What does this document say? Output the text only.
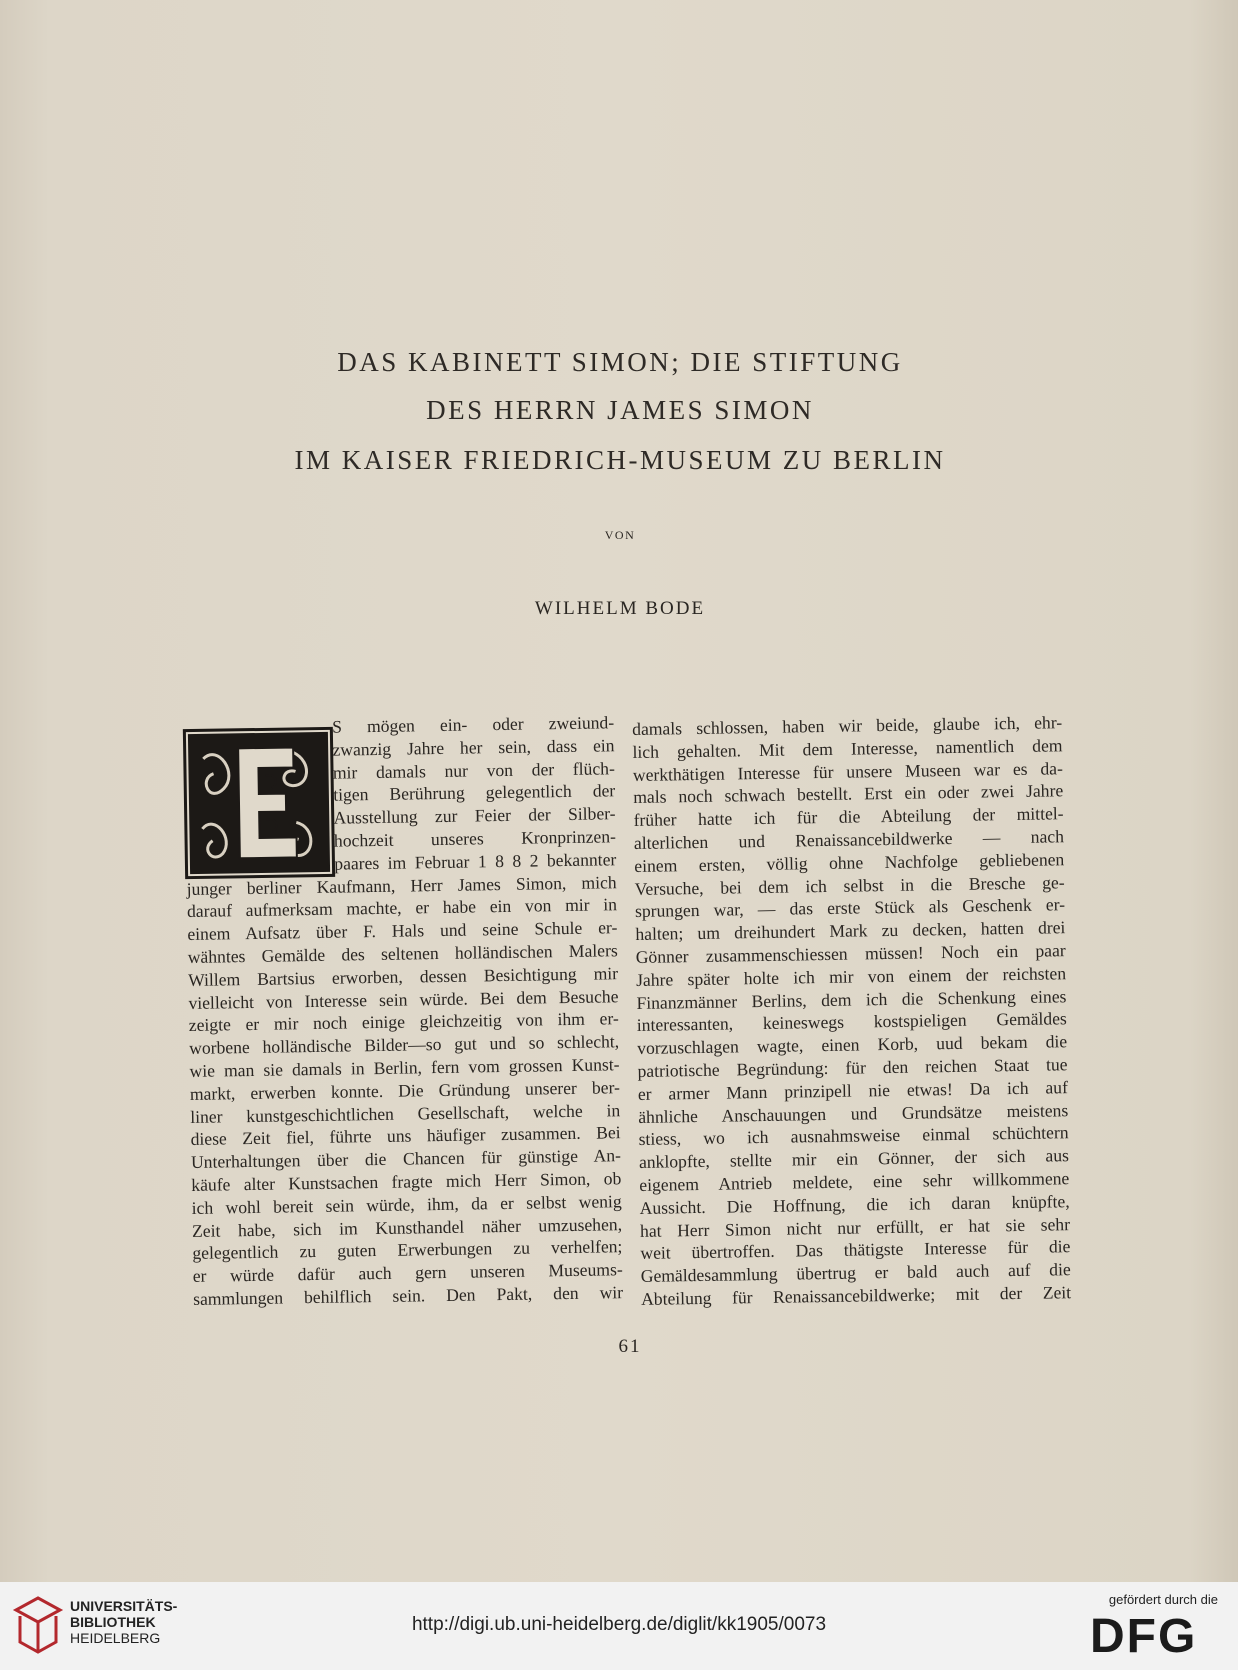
DAS KABINETT SIMON; DIE STIFTUNG
DES HERRN JAMES SIMON
IM KAISER FRIEDRICH-MUSEUM ZU BERLIN
VON
WILHELM BODE
S mögen ein- oder zweiund-
zwanzig Jahre her sein, dass ein
mir damals nur von der flüch-
tigen Berührung gelegentlich der
Ausstellung zur Feier der Silber-
hochzeit unseres Kronprinzen-
paares im Februar 1 8 8 2 bekannter
junger berliner Kaufmann, Herr James Simon, mich
darauf aufmerksam machte, er habe ein von mir in
einem Aufsatz über F. Hals und seine Schule er-
wähntes Gemälde des seltenen holländischen Malers
Willem Bartsius erworben, dessen Besichtigung mir
vielleicht von Interesse sein würde. Bei dem Besuche
zeigte er mir noch einige gleichzeitig von ihm er-
worbene holländische Bilder—so gut und so schlecht,
wie man sie damals in Berlin, fern vom grossen Kunst-
markt, erwerben konnte. Die Gründung unserer ber-
liner kunstgeschichtlichen Gesellschaft, welche in
diese Zeit fiel, führte uns häufiger zusammen. Bei
Unterhaltungen über die Chancen für günstige An-
käufe alter Kunstsachen fragte mich Herr Simon, ob
ich wohl bereit sein würde, ihm, da er selbst wenig
Zeit habe, sich im Kunsthandel näher umzusehen,
gelegentlich zu guten Erwerbungen zu verhelfen;
er würde dafür auch gern unseren Museums-
sammlungen behilflich sein. Den Pakt, den wir
damals schlossen, haben wir beide, glaube ich, ehr-
lich gehalten. Mit dem Interesse, namentlich dem
werkthätigen Interesse für unsere Museen war es da-
mals noch schwach bestellt. Erst ein oder zwei Jahre
früher hatte ich für die Abteilung der mittel-
alterlichen und Renaissancebildwerke — nach
einem ersten, völlig ohne Nachfolge gebliebenen
Versuche, bei dem ich selbst in die Bresche ge-
sprungen war, — das erste Stück als Geschenk er-
halten; um dreihundert Mark zu decken, hatten drei
Gönner zusammenschiessen müssen! Noch ein paar
Jahre später holte ich mir von einem der reichsten
Finanzmänner Berlins, dem ich die Schenkung eines
interessanten, keineswegs kostspieligen Gemäldes
vorzuschlagen wagte, einen Korb, uud bekam die
patriotische Begründung: für den reichen Staat tue
er armer Mann prinzipell nie etwas! Da ich auf
ähnliche Anschauungen und Grundsätze meistens
stiess, wo ich ausnahmsweise einmal schüchtern
anklopfte, stellte mir ein Gönner, der sich aus
eigenem Antrieb meldete, eine sehr willkommene
Aussicht. Die Hoffnung, die ich daran knüpfte,
hat Herr Simon nicht nur erfüllt, er hat sie sehr
weit übertroffen. Das thätigste Interesse für die
Gemäldesammlung übertrug er bald auch auf die
Abteilung für Renaissancebildwerke; mit der Zeit
61
UNIVERSITÄTS-
BIBLIOTHEK
HEIDELBERG
http://digi.ub.uni-heidelberg.de/diglit/kk1905/0073
gefördert durch die
DFG
